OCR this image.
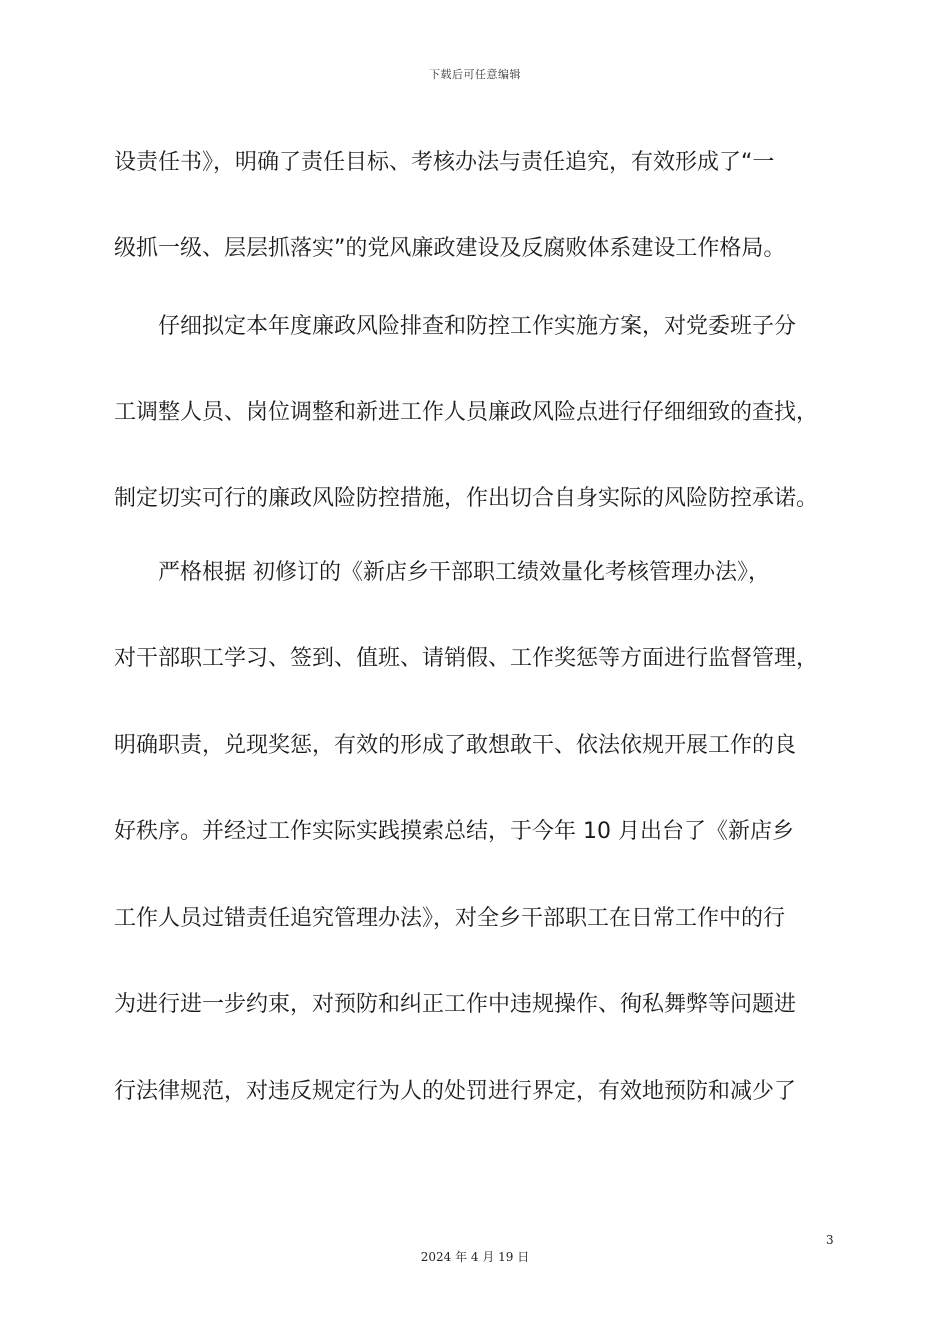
下载后可任意编辑
设责任书》，明确了责任目标、考核办法与责任追究，有效形成了“一
级抓一级、层层抓落实”的党风廉政建设及反腐败体系建设工作格局。
仔细拟定本年度廉政风险排查和防控工作实施方案，对党委班子分
工调整人员、岗位调整和新进工作人员廉政风险点进行仔细细致的查找，
制定切实可行的廉政风险防控措施，作出切合自身实际的风险防控承诺。
严格根据 初修订的《新店乡干部职工绩效量化考核管理办法》，
对干部职工学习、签到、值班、请销假、工作奖惩等方面进行监督管理，
明确职责，兑现奖惩，有效的形成了敢想敢干、依法依规开展工作的良
好秩序。并经过工作实际实践摸索总结，于今年 10 月出台了《新店乡
工作人员过错责任追究管理办法》，对全乡干部职工在日常工作中的行
为进行进一步约束，对预防和纠正工作中违规操作、徇私舞弊等问题进
行法律规范，对违反规定行为人的处罚进行界定，有效地预防和减少了
3
2024 年 4 月 19 日
